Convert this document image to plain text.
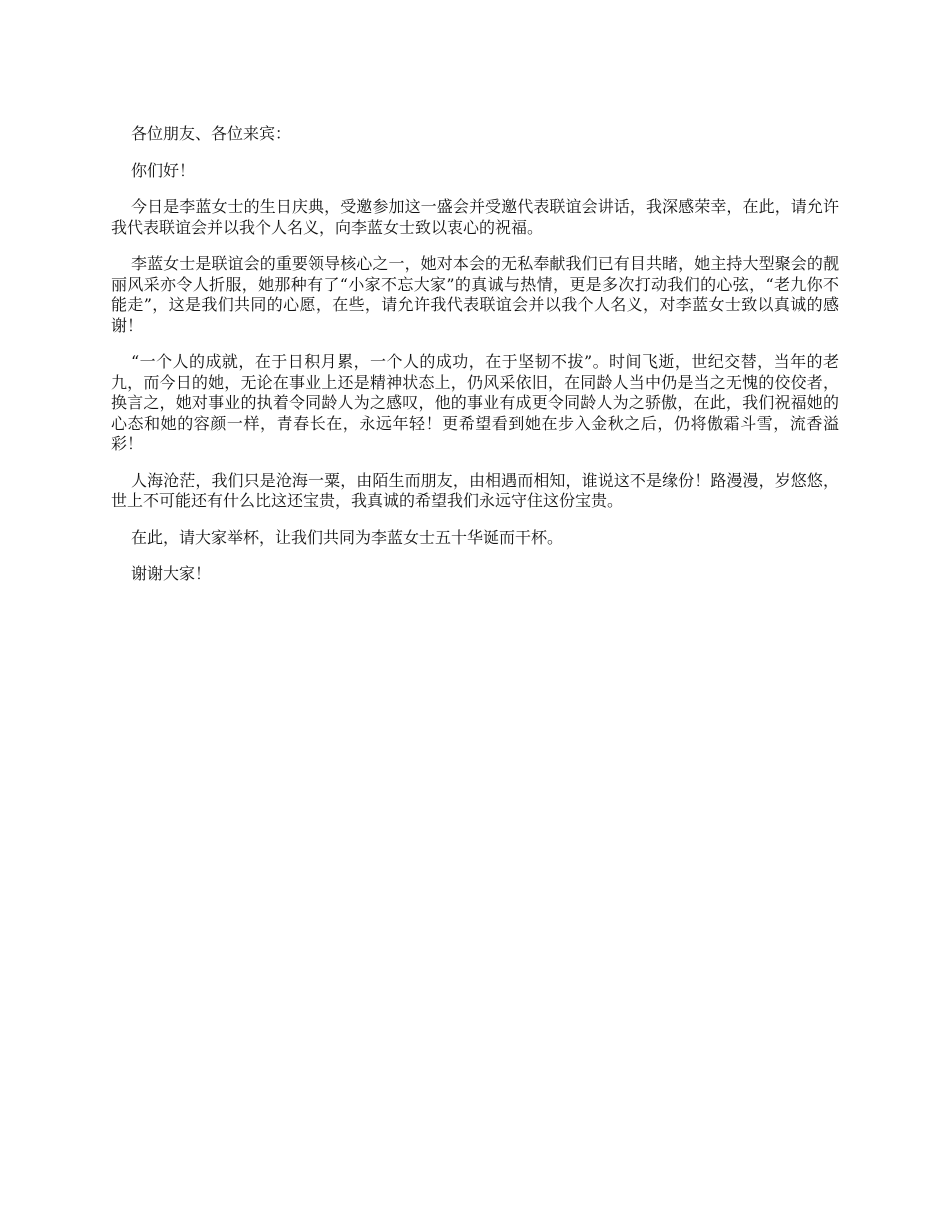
各位朋友、各位来宾：

你们好！

今日是李蓝女士的生日庆典，受邀参加这一盛会并受邀代表联谊会讲话，我深感荣幸，在此，请允许我代表联谊会并以我个人名义，向李蓝女士致以衷心的祝福。

李蓝女士是联谊会的重要领导核心之一，她对本会的无私奉献我们已有目共睹，她主持大型聚会的靓丽风采亦令人折服，她那种有了“小家不忘大家”的真诚与热情，更是多次打动我们的心弦，“老九你不能走”，这是我们共同的心愿，在些，请允许我代表联谊会并以我个人名义，对李蓝女士致以真诚的感谢！

“一个人的成就，在于日积月累，一个人的成功，在于坚韧不拔”。时间飞逝，世纪交替，当年的老九，而今日的她，无论在事业上还是精神状态上，仍风采依旧，在同龄人当中仍是当之无愧的佼佼者，换言之，她对事业的执着令同龄人为之感叹，他的事业有成更令同龄人为之骄傲，在此，我们祝福她的心态和她的容颜一样，青春长在，永远年轻！更希望看到她在步入金秋之后，仍将傲霜斗雪，流香溢彩！

人海沧茫，我们只是沧海一粟，由陌生而朋友，由相遇而相知，谁说这不是缘份！路漫漫，岁悠悠，世上不可能还有什么比这还宝贵，我真诚的希望我们永远守住这份宝贵。

在此，请大家举杯，让我们共同为李蓝女士五十华诞而干杯。

谢谢大家！
